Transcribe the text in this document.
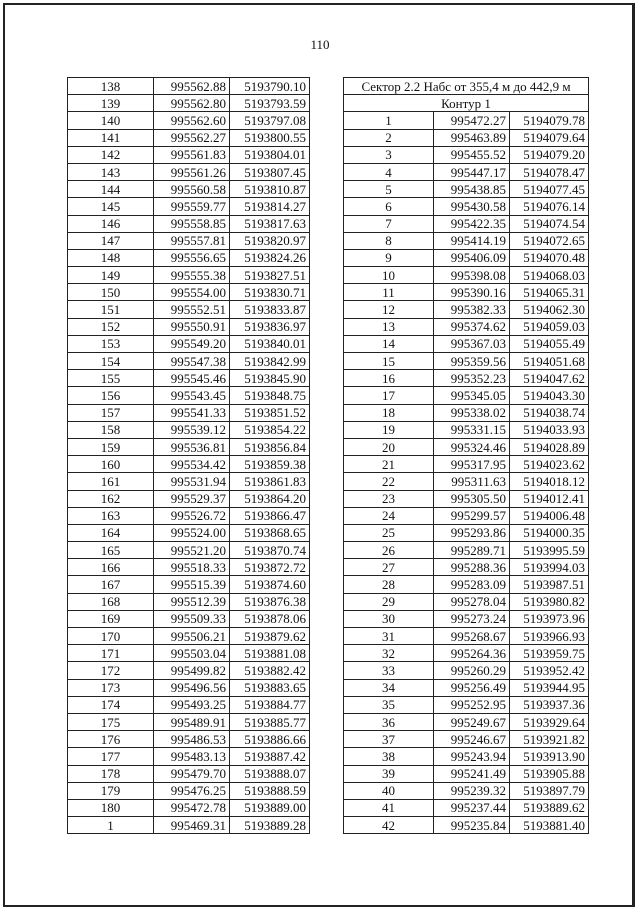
110
138	995562.88	5193790.10
139	995562.80	5193793.59
140	995562.60	5193797.08
141	995562.27	5193800.55
142	995561.83	5193804.01
143	995561.26	5193807.45
144	995560.58	5193810.87
145	995559.77	5193814.27
146	995558.85	5193817.63
147	995557.81	5193820.97
148	995556.65	5193824.26
149	995555.38	5193827.51
150	995554.00	5193830.71
151	995552.51	5193833.87
152	995550.91	5193836.97
153	995549.20	5193840.01
154	995547.38	5193842.99
155	995545.46	5193845.90
156	995543.45	5193848.75
157	995541.33	5193851.52
158	995539.12	5193854.22
159	995536.81	5193856.84
160	995534.42	5193859.38
161	995531.94	5193861.83
162	995529.37	5193864.20
163	995526.72	5193866.47
164	995524.00	5193868.65
165	995521.20	5193870.74
166	995518.33	5193872.72
167	995515.39	5193874.60
168	995512.39	5193876.38
169	995509.33	5193878.06
170	995506.21	5193879.62
171	995503.04	5193881.08
172	995499.82	5193882.42
173	995496.56	5193883.65
174	995493.25	5193884.77
175	995489.91	5193885.77
176	995486.53	5193886.66
177	995483.13	5193887.42
178	995479.70	5193888.07
179	995476.25	5193888.59
180	995472.78	5193889.00
1	995469.31	5193889.28
Сектор 2.2 Набс от 355,4 м до 442,9 м		
Контур 1		
1	995472.27	5194079.78
2	995463.89	5194079.64
3	995455.52	5194079.20
4	995447.17	5194078.47
5	995438.85	5194077.45
6	995430.58	5194076.14
7	995422.35	5194074.54
8	995414.19	5194072.65
9	995406.09	5194070.48
10	995398.08	5194068.03
11	995390.16	5194065.31
12	995382.33	5194062.30
13	995374.62	5194059.03
14	995367.03	5194055.49
15	995359.56	5194051.68
16	995352.23	5194047.62
17	995345.05	5194043.30
18	995338.02	5194038.74
19	995331.15	5194033.93
20	995324.46	5194028.89
21	995317.95	5194023.62
22	995311.63	5194018.12
23	995305.50	5194012.41
24	995299.57	5194006.48
25	995293.86	5194000.35
26	995289.71	5193995.59
27	995288.36	5193994.03
28	995283.09	5193987.51
29	995278.04	5193980.82
30	995273.24	5193973.96
31	995268.67	5193966.93
32	995264.36	5193959.75
33	995260.29	5193952.42
34	995256.49	5193944.95
35	995252.95	5193937.36
36	995249.67	5193929.64
37	995246.67	5193921.82
38	995243.94	5193913.90
39	995241.49	5193905.88
40	995239.32	5193897.79
41	995237.44	5193889.62
42	995235.84	5193881.40
